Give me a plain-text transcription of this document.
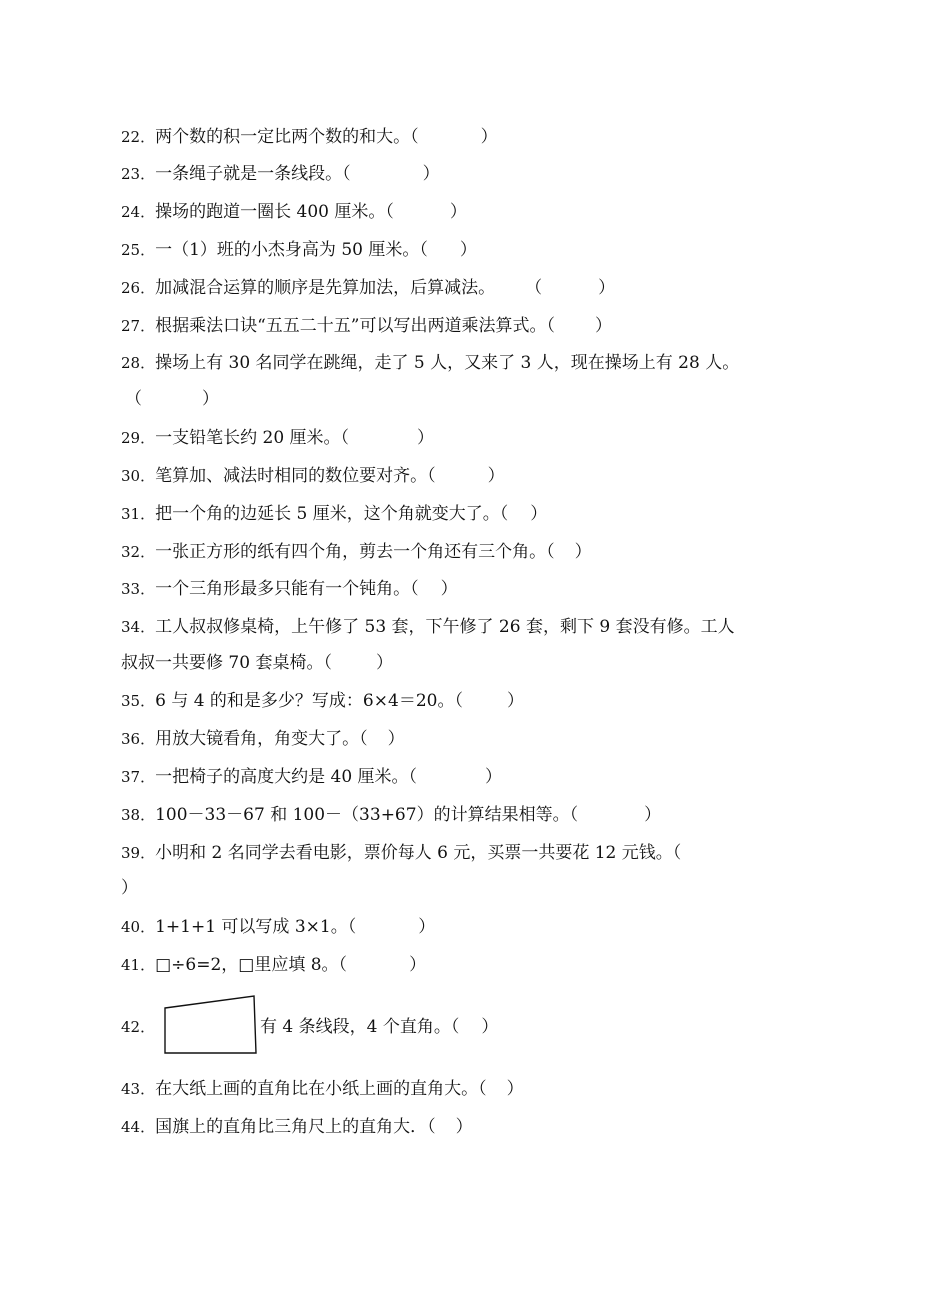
22．两个数的积一定比两个数的和大。（	）
23．一条绳子就是一条线段。（	）
24．操场的跑道一圈长 400 厘米。（	）
25．一（1）班的小杰身高为 50 厘米。（ ）
26．加减混合运算的顺序是先算加法，后算减法。 （	）
27．根据乘法口诀“五五二十五”可以写出两道乘法算式。（ ）
28．操场上有 30 名同学在跳绳，走了 5 人，又来了 3 人，现在操场上有 28 人。
（	）
29．一支铅笔长约 20 厘米。（	）
30．笔算加、减法时相同的数位要对齐。（	）
31．把一个角的边延长 5 厘米，这个角就变大了。（ ）
32．一张正方形的纸有四个角，剪去一个角还有三个角。（ ）
33．一个三角形最多只能有一个钝角。（ ）
34．工人叔叔修桌椅，上午修了 53 套，下午修了 26 套，剩下 9 套没有修。工人
叔叔一共要修 70 套桌椅。（	）
35．6 与 4 的和是多少？写成：6×4＝20。（	）
36．用放大镜看角，角变大了。（ ）
37．一把椅子的高度大约是 40 厘米。（	）
38．100－33－67 和 100－（33+67）的计算结果相等。（	）
39．小明和 2 名同学去看电影，票价每人 6 元，买票一共要花 12 元钱。（
）
40．1+1+1 可以写成 3×1。（	）
41．□÷6=2，□里应填 8。（	）
42．	有 4 条线段，4 个直角。（ ）
43．在大纸上画的直角比在小纸上画的直角大。（ ）
44．国旗上的直角比三角尺上的直角大．（ ）
